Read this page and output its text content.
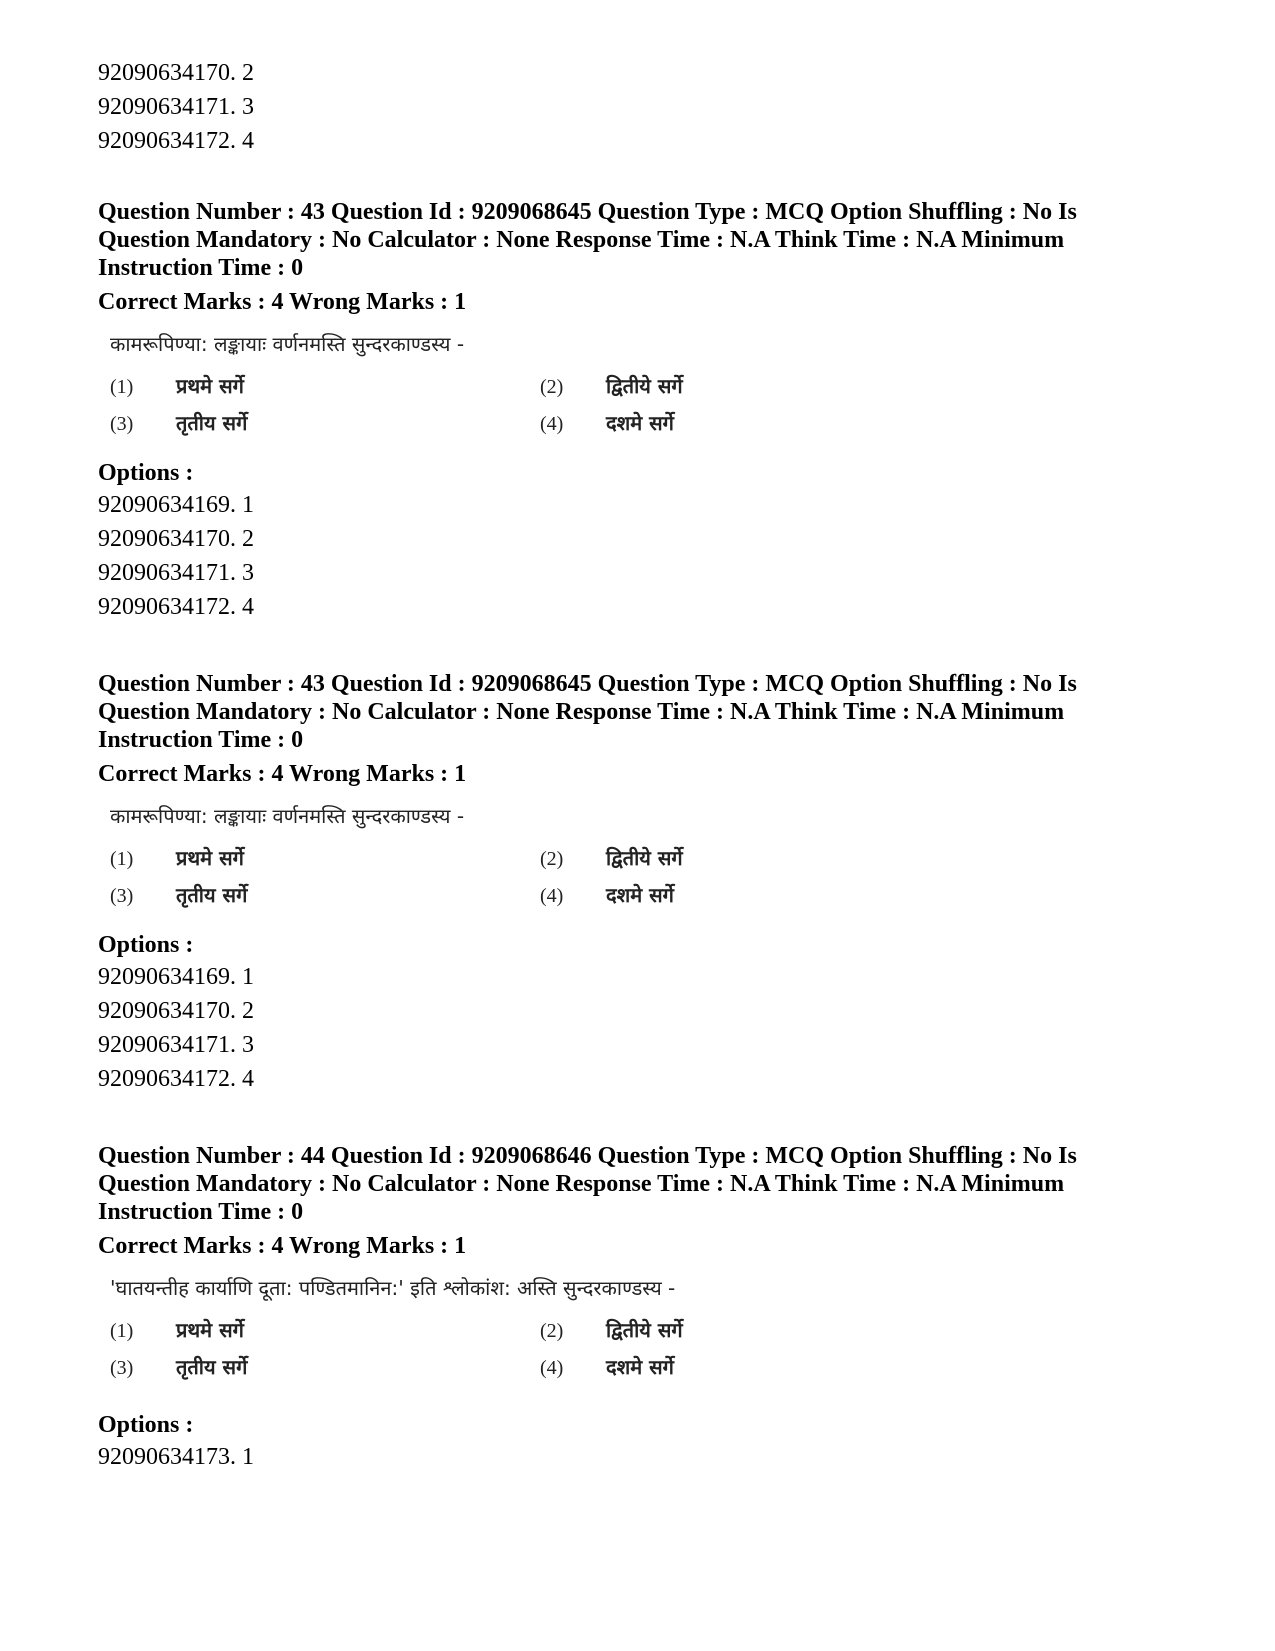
92090634170. 2
92090634171. 3
92090634172. 4
Question Number : 43 Question Id : 9209068645 Question Type : MCQ Option Shuffling : No Is Question Mandatory : No Calculator : None Response Time : N.A Think Time : N.A Minimum Instruction Time : 0
Correct Marks : 4 Wrong Marks : 1
कामरूपिण्या: लङ्कायाः वर्णनमस्ति सुन्दरकाण्डस्य -
(1)	प्रथमे सर्गे	(2)	द्वितीये सर्गे
(3)	तृतीय सर्गे	(4)	दशमे सर्गे
Options :
92090634169. 1
92090634170. 2
92090634171. 3
92090634172. 4
Question Number : 43 Question Id : 9209068645 Question Type : MCQ Option Shuffling : No Is Question Mandatory : No Calculator : None Response Time : N.A Think Time : N.A Minimum Instruction Time : 0
Correct Marks : 4 Wrong Marks : 1
कामरूपिण्या: लङ्कायाः वर्णनमस्ति सुन्दरकाण्डस्य -
(1)	प्रथमे सर्गे	(2)	द्वितीये सर्गे
(3)	तृतीय सर्गे	(4)	दशमे सर्गे
Options :
92090634169. 1
92090634170. 2
92090634171. 3
92090634172. 4
Question Number : 44 Question Id : 9209068646 Question Type : MCQ Option Shuffling : No Is Question Mandatory : No Calculator : None Response Time : N.A Think Time : N.A Minimum Instruction Time : 0
Correct Marks : 4 Wrong Marks : 1
'घातयन्तीह कार्याणि दूता: पण्डितमानिन:' इति श्लोकांश: अस्ति सुन्दरकाण्डस्य -
(1)	प्रथमे सर्गे	(2)	द्वितीये सर्गे
(3)	तृतीय सर्गे	(4)	दशमे सर्गे
Options :
92090634173. 1
